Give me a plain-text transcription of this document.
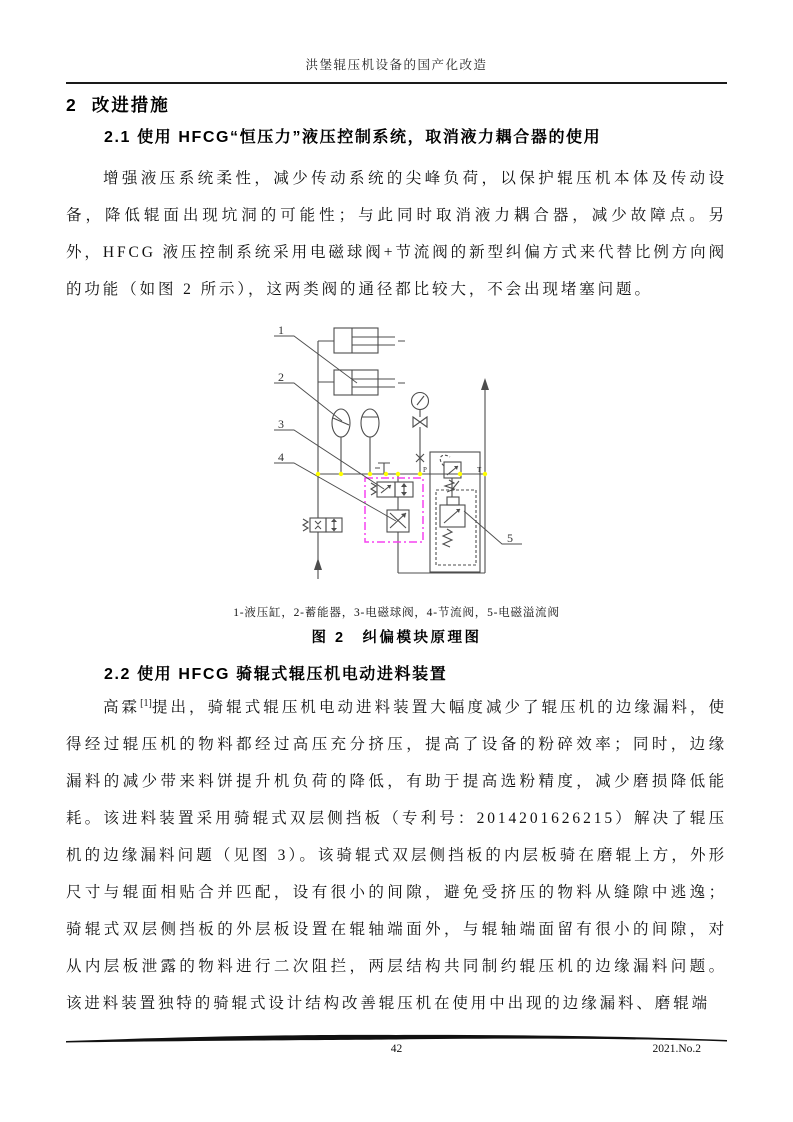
洪堡辊压机设备的国产化改造
2 改进措施
2.1 使用 HFCG“恒压力”液压控制系统，取消液力耦合器的使用
增强液压系统柔性，减少传动系统的尖峰负荷，以保护辊压机本体及传动设备，降低辊面出现坑洞的可能性；与此同时取消液力耦合器，减少故障点。另外，HFCG 液压控制系统采用电磁球阀+节流阀的新型纠偏方式来代替比例方向阀的功能（如图 2 所示），这两类阀的通径都比较大，不会出现堵塞问题。
1
2
3
4
5
P	T
1-液压缸，2-蓄能器，3-电磁球阀，4-节流阀，5-电磁溢流阀
图 2　纠偏模块原理图
2.2 使用 HFCG 骑辊式辊压机电动进料装置
高霖[1]提出，骑辊式辊压机电动进料装置大幅度减少了辊压机的边缘漏料，使得经过辊压机的物料都经过高压充分挤压，提高了设备的粉碎效率；同时，边缘漏料的减少带来料饼提升机负荷的降低，有助于提高选粉精度，减少磨损降低能耗。该进料装置采用骑辊式双层侧挡板（专利号：2014201626215）解决了辊压机的边缘漏料问题（见图 3）。该骑辊式双层侧挡板的内层板骑在磨辊上方，外形尺寸与辊面相贴合并匹配，设有很小的间隙，避免受挤压的物料从缝隙中逃逸；骑辊式双层侧挡板的外层板设置在辊轴端面外，与辊轴端面留有很小的间隙，对从内层板泄露的物料进行二次阻拦，两层结构共同制约辊压机的边缘漏料问题。该进料装置独特的骑辊式设计结构改善辊压机在使用中出现的边缘漏料、磨辊端
42	2021.No.2
